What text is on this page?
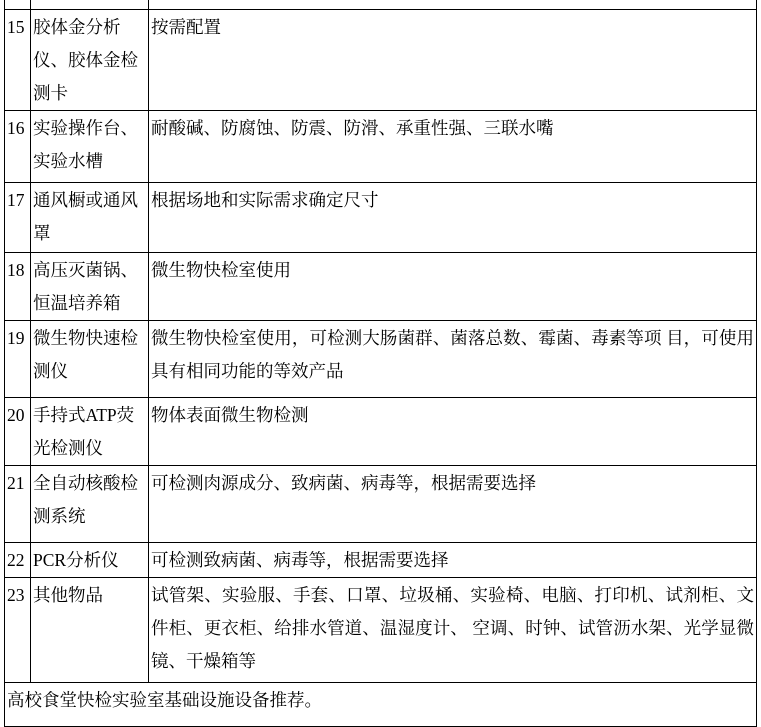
15	胶体金分析仪、胶体金检测卡	按需配置
16	实验操作台、实验水槽	耐酸碱、防腐蚀、防震、防滑、承重性强、三联水嘴
17	通风橱或通风罩	根据场地和实际需求确定尺寸
18	高压灭菌锅、恒温培养箱	微生物快检室使用
19	微生物快速检测仪	微生物快检室使用，可检测大肠菌群、菌落总数、霉菌、毒素等项 目，可使用具有相同功能的等效产品
20	手持式ATP荧光检测仪	物体表面微生物检测
21	全自动核酸检测系统	可检测肉源成分、致病菌、病毒等，根据需要选择
22	PCR分析仪	可检测致病菌、病毒等，根据需要选择
23	其他物品	试管架、实验服、手套、口罩、垃圾桶、实验椅、电脑、打印机、试剂柜、文件柜、更衣柜、给排水管道、温湿度计、 空调、时钟、试管沥水架、光学显微镜、干燥箱等
高校食堂快检实验室基础设施设备推荐。		
